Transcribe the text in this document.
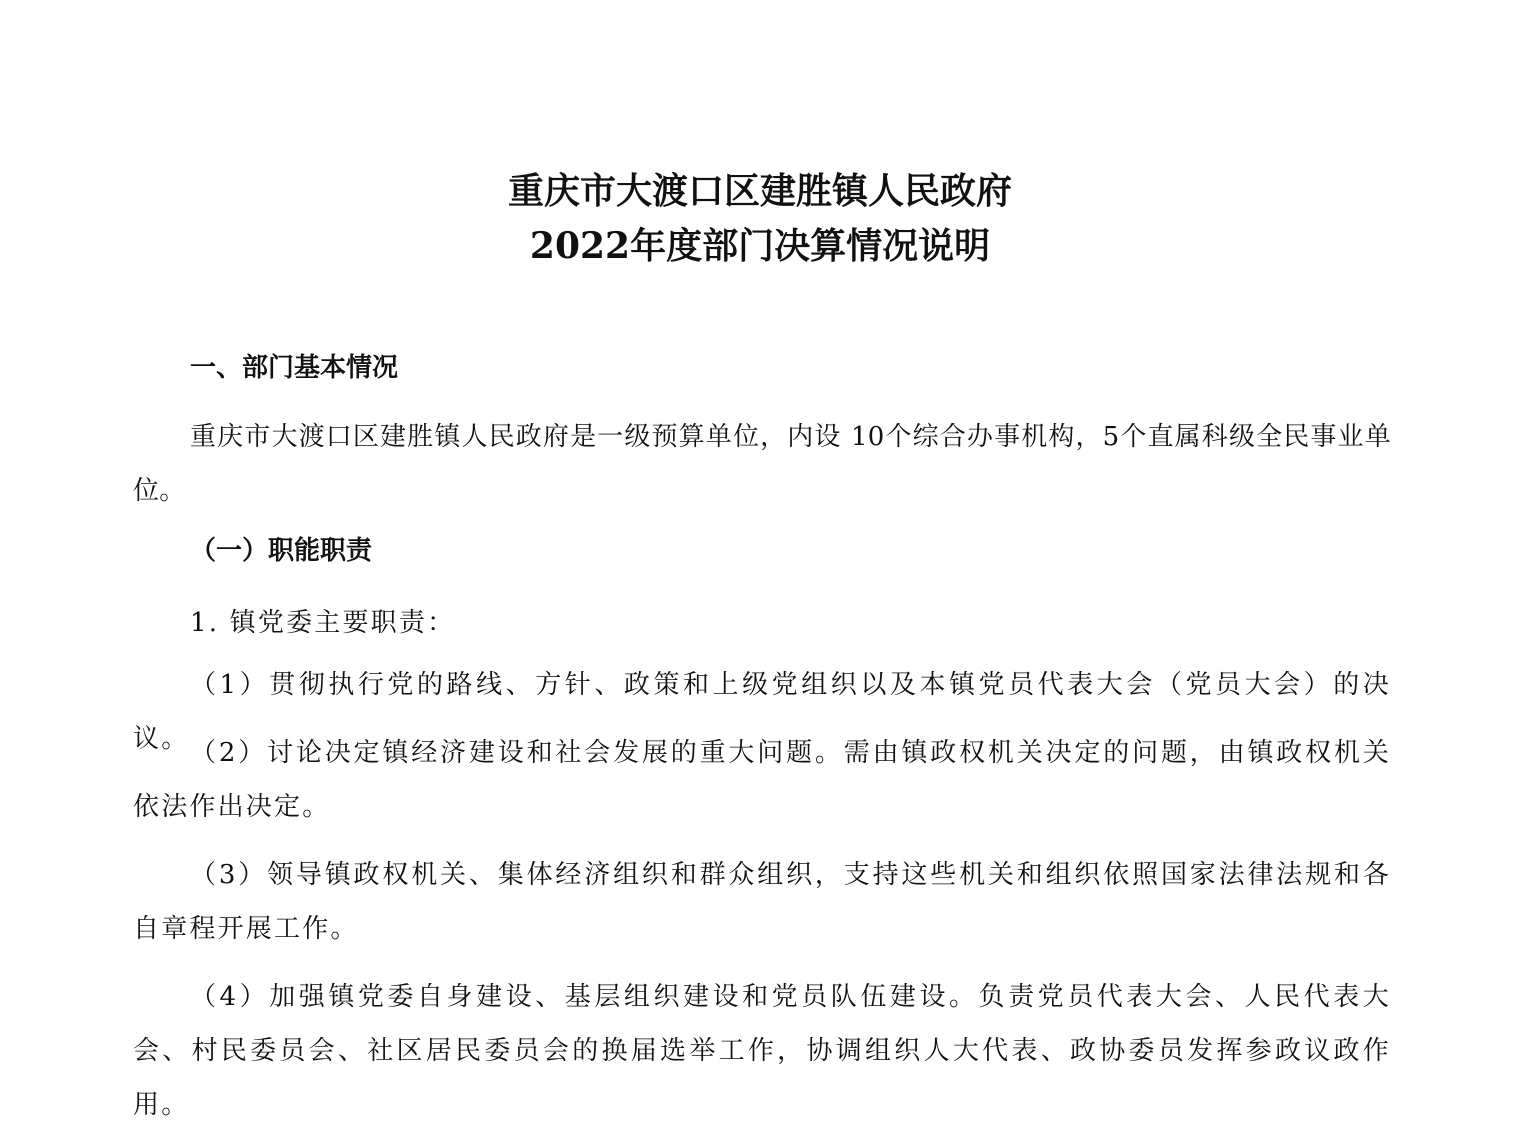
重庆市大渡口区建胜镇人民政府
2022年度部门决算情况说明
一、部门基本情况
重庆市大渡口区建胜镇人民政府是一级预算单位，内设 10个综合办事机构，5个直属科级全民事业单位。
（一）职能职责
1. 镇党委主要职责：
（1）贯彻执行党的路线、方针、政策和上级党组织以及本镇党员代表大会（党员大会）的决议。 （2）讨论决定镇经济建设和社会发展的重大问题。需由镇政权机关决定的问题，由镇政权机关依法作出决定。
（3）领导镇政权机关、集体经济组织和群众组织，支持这些机关和组织依照国家法律法规和各自章程开展工作。
（4）加强镇党委自身建设、基层组织建设和党员队伍建设。负责党员代表大会、人民代表大会、村民委员会、社区居民委员会的换届选举工作，协调组织人大代表、政协委员发挥参政议政作用。
